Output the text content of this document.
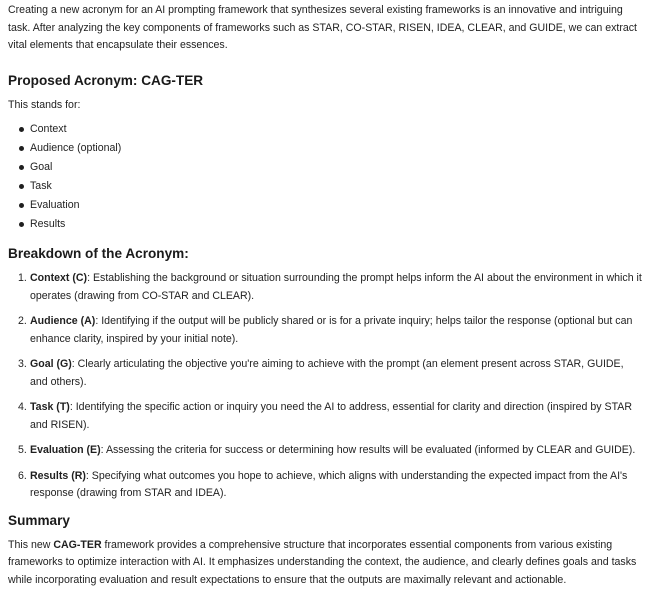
Creating a new acronym for an AI prompting framework that synthesizes several existing frameworks is an innovative and intriguing task. After analyzing the key components of frameworks such as STAR, CO-STAR, RISEN, IDEA, CLEAR, and GUIDE, we can extract vital elements that encapsulate their essences.

Proposed Acronym: CAG-TER

This stands for:

Context
Audience (optional)
Goal
Task
Evaluation
Results
Breakdown of the Acronym:
1. Context (C): Establishing the background or situation surrounding the prompt helps inform the AI about the environment in which it operates (drawing from CO-STAR and CLEAR).
2. Audience (A): Identifying if the output will be publicly shared or is for a private inquiry; helps tailor the response (optional but can enhance clarity, inspired by your initial note).
3. Goal (G): Clearly articulating the objective you're aiming to achieve with the prompt (an element present across STAR, GUIDE, and others).
4. Task (T): Identifying the specific action or inquiry you need the AI to address, essential for clarity and direction (inspired by STAR and RISEN).
5. Evaluation (E): Assessing the criteria for success or determining how results will be evaluated (informed by CLEAR and GUIDE).
6. Results (R): Specifying what outcomes you hope to achieve, which aligns with understanding the expected impact from the AI's response (drawing from STAR and IDEA).
Summary

This new CAG-TER framework provides a comprehensive structure that incorporates essential components from various existing frameworks to optimize interaction with AI. It emphasizes understanding the context, the audience, and clearly defines goals and tasks while incorporating evaluation and result expectations to ensure that the outputs are maximally relevant and actionable.
